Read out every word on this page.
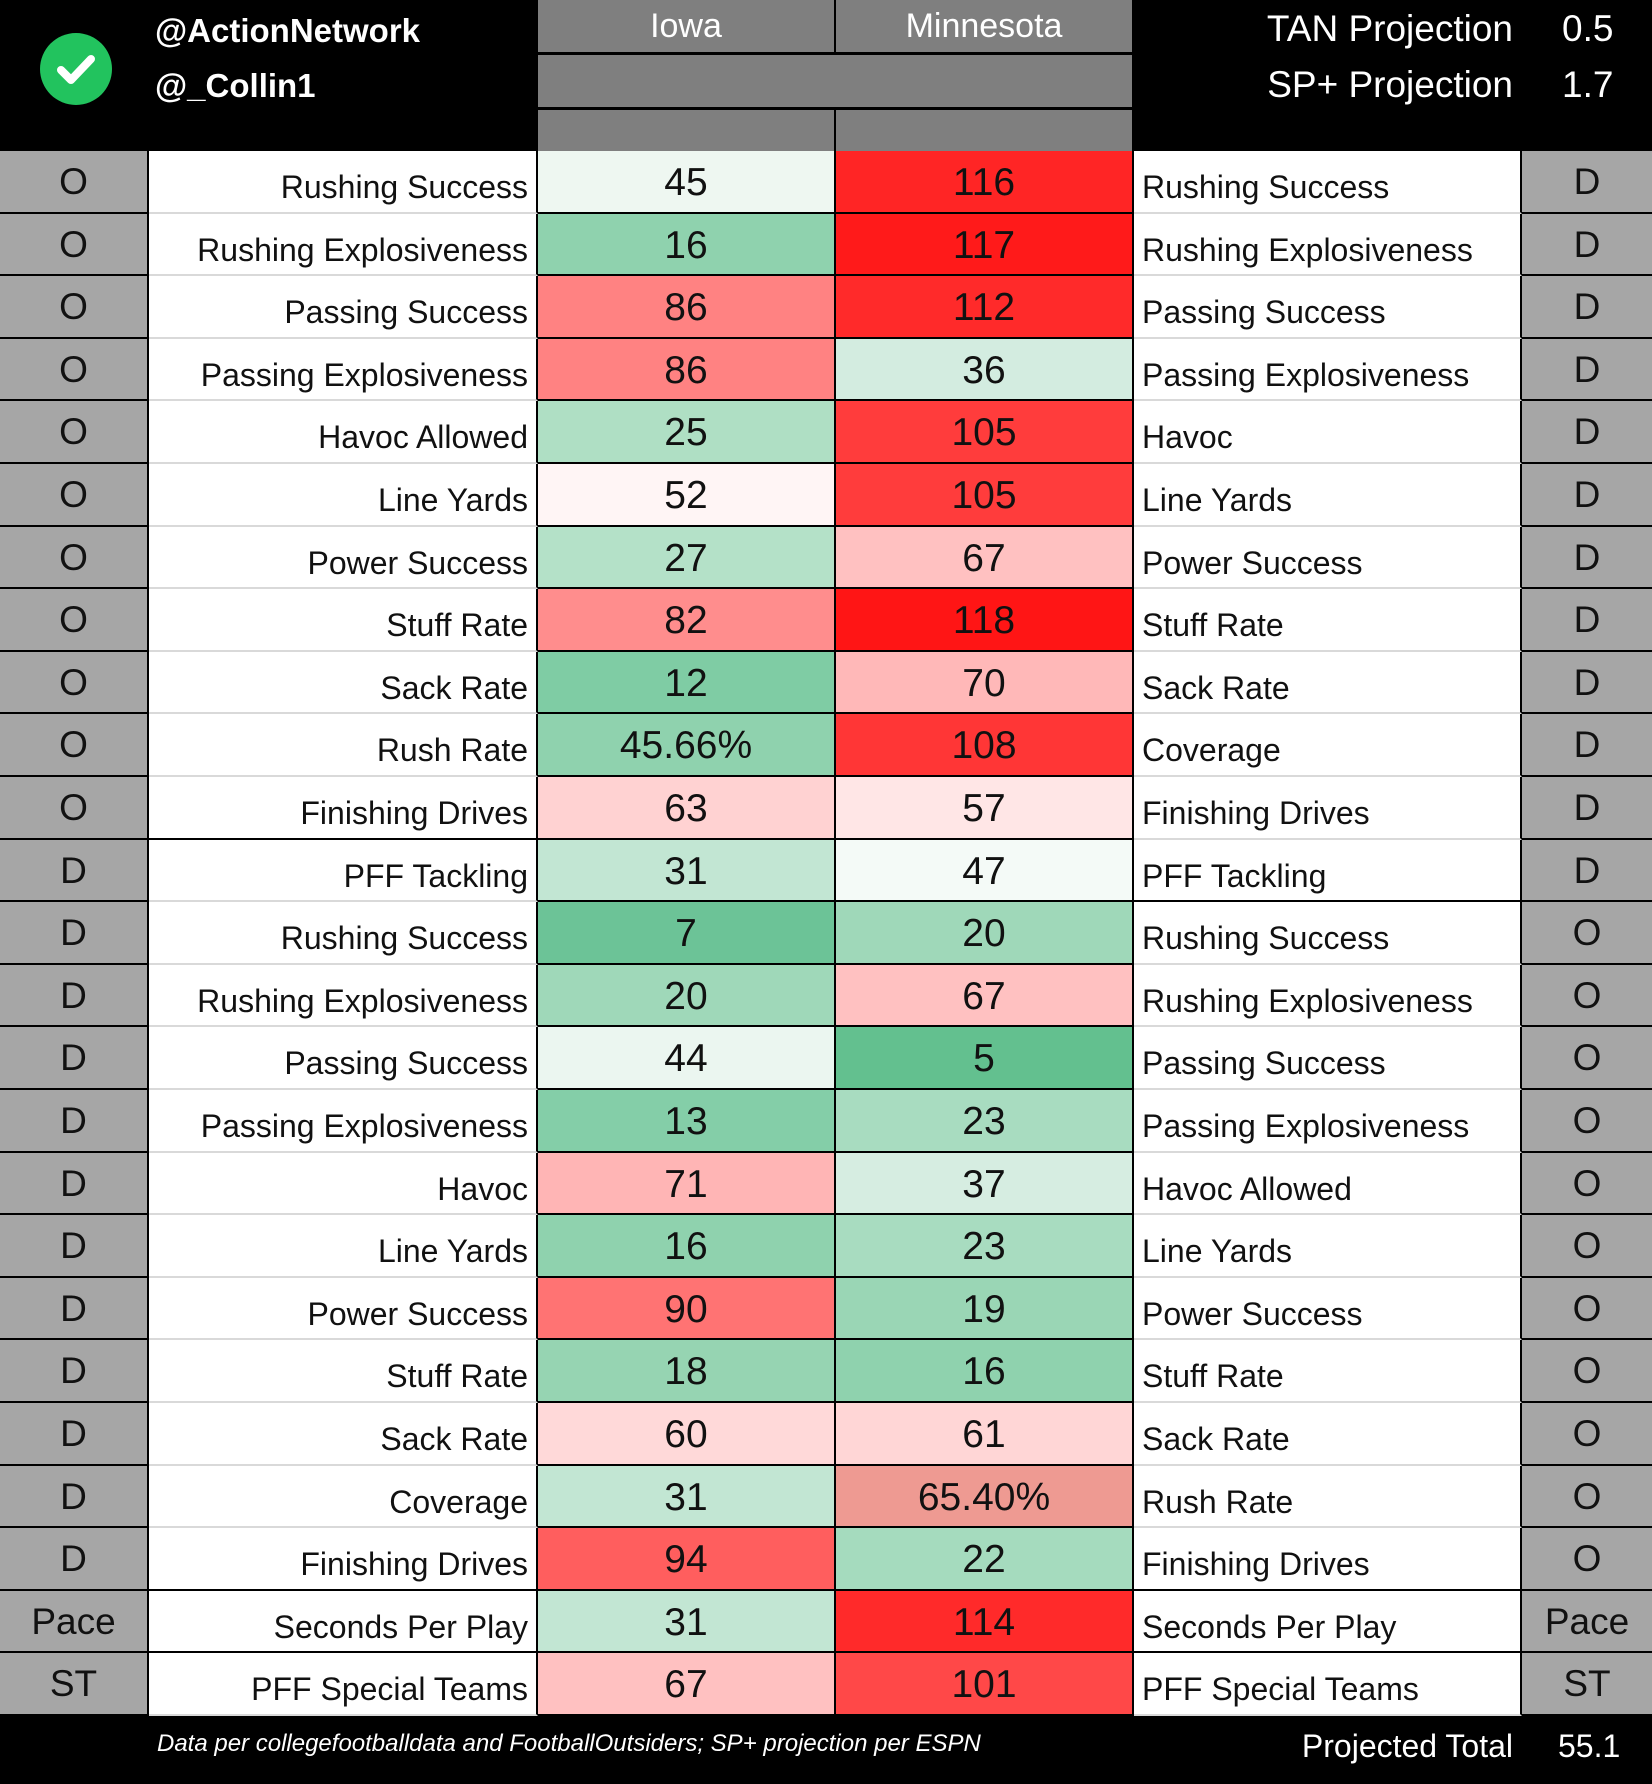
@ActionNetwork
@_Collin1
Iowa	Minnesota	TAN Projection 0.5
SP+ Projection 1.7
O	Rushing Success	45	116	Rushing Success	D
O	Rushing Explosiveness	16	117	Rushing Explosiveness	D
O	Passing Success	86	112	Passing Success	D
O	Passing Explosiveness	86	36	Passing Explosiveness	D
O	Havoc Allowed	25	105	Havoc	D
O	Line Yards	52	105	Line Yards	D
O	Power Success	27	67	Power Success	D
O	Stuff Rate	82	118	Stuff Rate	D
O	Sack Rate	12	70	Sack Rate	D
O	Rush Rate	45.66%	108	Coverage	D
O	Finishing Drives	63	57	Finishing Drives	D
D	PFF Tackling	31	47	PFF Tackling	D
D	Rushing Success	7	20	Rushing Success	O
D	Rushing Explosiveness	20	67	Rushing Explosiveness	O
D	Passing Success	44	5	Passing Success	O
D	Passing Explosiveness	13	23	Passing Explosiveness	O
D	Havoc	71	37	Havoc Allowed	O
D	Line Yards	16	23	Line Yards	O
D	Power Success	90	19	Power Success	O
D	Stuff Rate	18	16	Stuff Rate	O
D	Sack Rate	60	61	Sack Rate	O
D	Coverage	31	65.40%	Rush Rate	O
D	Finishing Drives	94	22	Finishing Drives	O
Pace	Seconds Per Play	31	114	Seconds Per Play	Pace
ST	PFF Special Teams	67	101	PFF Special Teams	ST
Data per collegefootballdata and FootballOutsiders; SP+ projection per ESPN	Projected Total 55.1
